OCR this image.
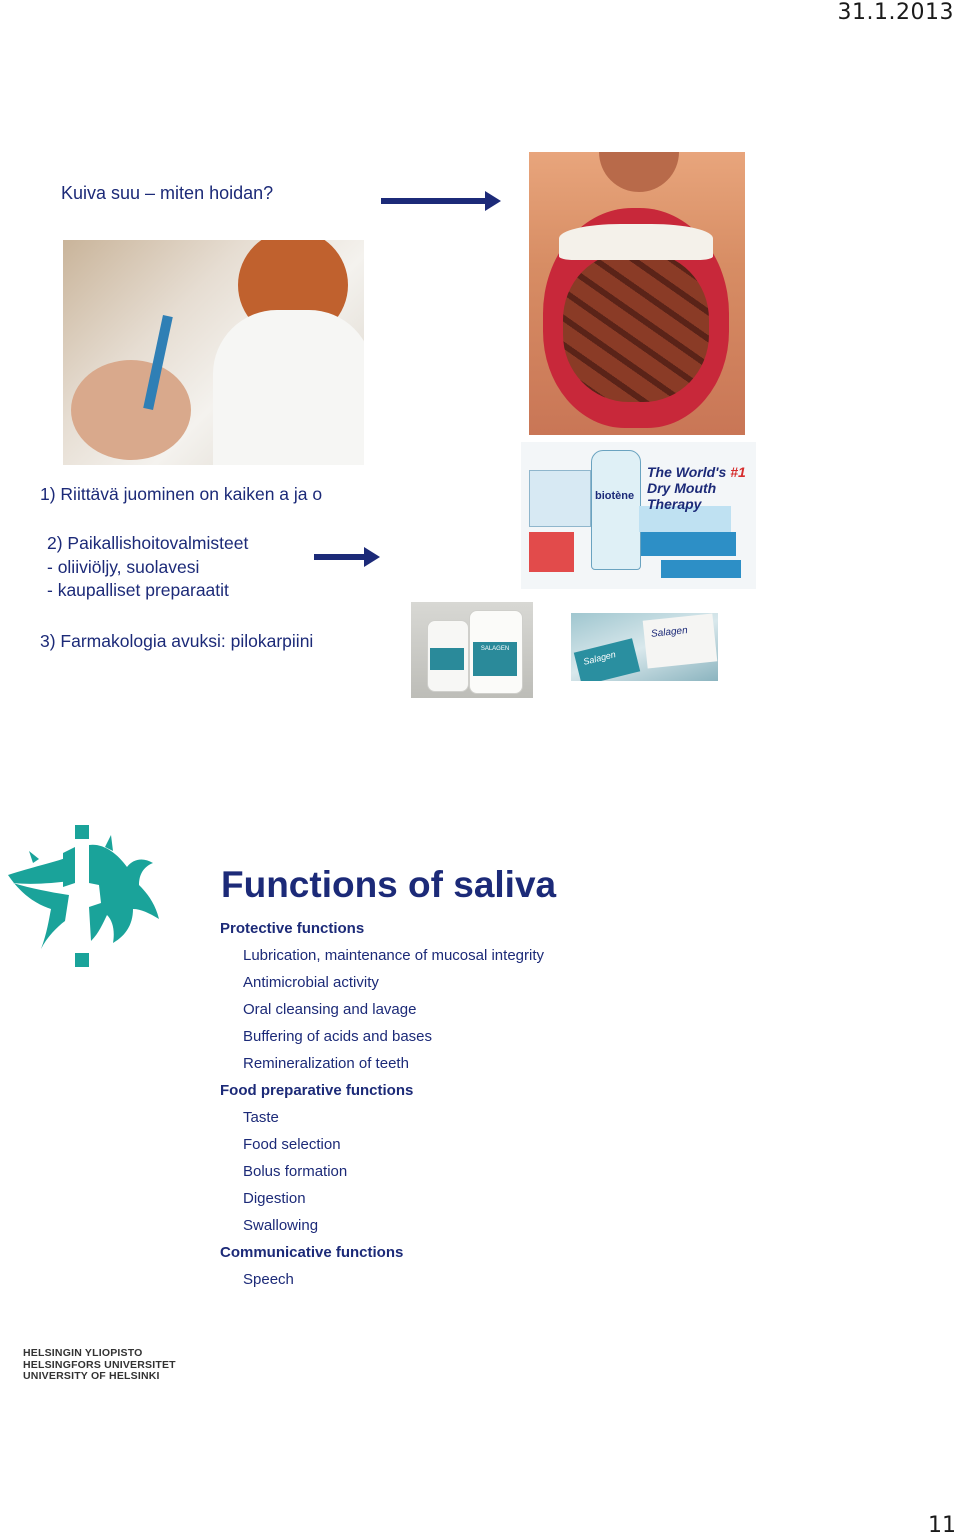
31.1.2013
Kuiva suu – miten hoidan?
1) Riittävä juominen on kaiken a ja o
2) Paikallishoitovalmisteet
- oliiviöljy, suolavesi
- kaupalliset preparaatit
3) Farmakologia avuksi: pilokarpiini
biotène
The World's #1
Dry Mouth Therapy
SALAGEN
Salagen
Salagen
Functions of saliva
Protective functions
Lubrication, maintenance of mucosal integrity
Antimicrobial activity
Oral cleansing and lavage
Buffering of acids and bases
Remineralization of teeth
Food preparative functions
Taste
Food selection
Bolus formation
Digestion
Swallowing
Communicative functions
Speech
HELSINGIN YLIOPISTO
HELSINGFORS UNIVERSITET
UNIVERSITY OF HELSINKI
11
